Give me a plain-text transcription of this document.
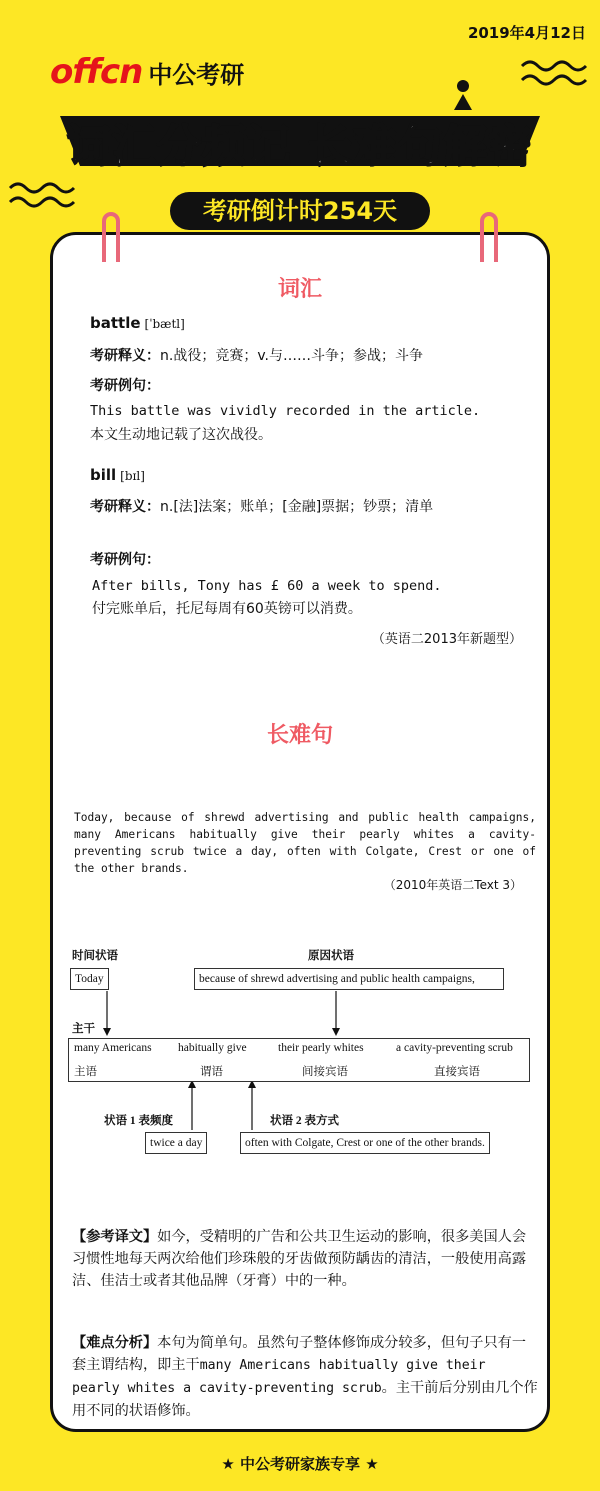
2019年4月12日
offcn 中公考研
词汇分频记 长难句解密
考研倒计时254天
词汇
battle [ˈbætl]
考研释义：n.战役；竞赛；v.与……斗争；参战；斗争
考研例句：
This battle was vividly recorded in the article.
本文生动地记载了这次战役。
bill [bɪl]
考研释义：n.[法]法案；账单；[金融]票据；钞票；清单
考研例句：
After bills, Tony has £ 60 a week to spend.
付完账单后，托尼每周有60英镑可以消费。
（英语二2013年新题型）
长难句
Today, because of shrewd advertising and public health campaigns, many Americans habitually give their pearly whites a cavity-preventing scrub twice a day, often with Colgate, Crest or one of the other brands.
（2010年英语二Text 3）
时间状语	原因状语
Today	because of shrewd advertising and public health campaigns,
主干
many Americans habitually give	their pearly whites	a cavity-preventing scrub
主语	谓语	间接宾语	直接宾语
状语 1 表频度	状语 2 表方式
twice a day	often with Colgate, Crest or one of the other brands.
【参考译文】如今，受精明的广告和公共卫生运动的影响，很多美国人会习惯性地每天两次给他们珍珠般的牙齿做预防龋齿的清洁，一般使用高露洁、佳洁士或者其他品牌（牙膏）中的一种。
【难点分析】本句为简单句。虽然句子整体修饰成分较多，但句子只有一套主谓结构，即主干many Americans habitually give their pearly whites a cavity-preventing scrub。主干前后分别由几个作用不同的状语修饰。
★ 中公考研家族专享 ★
